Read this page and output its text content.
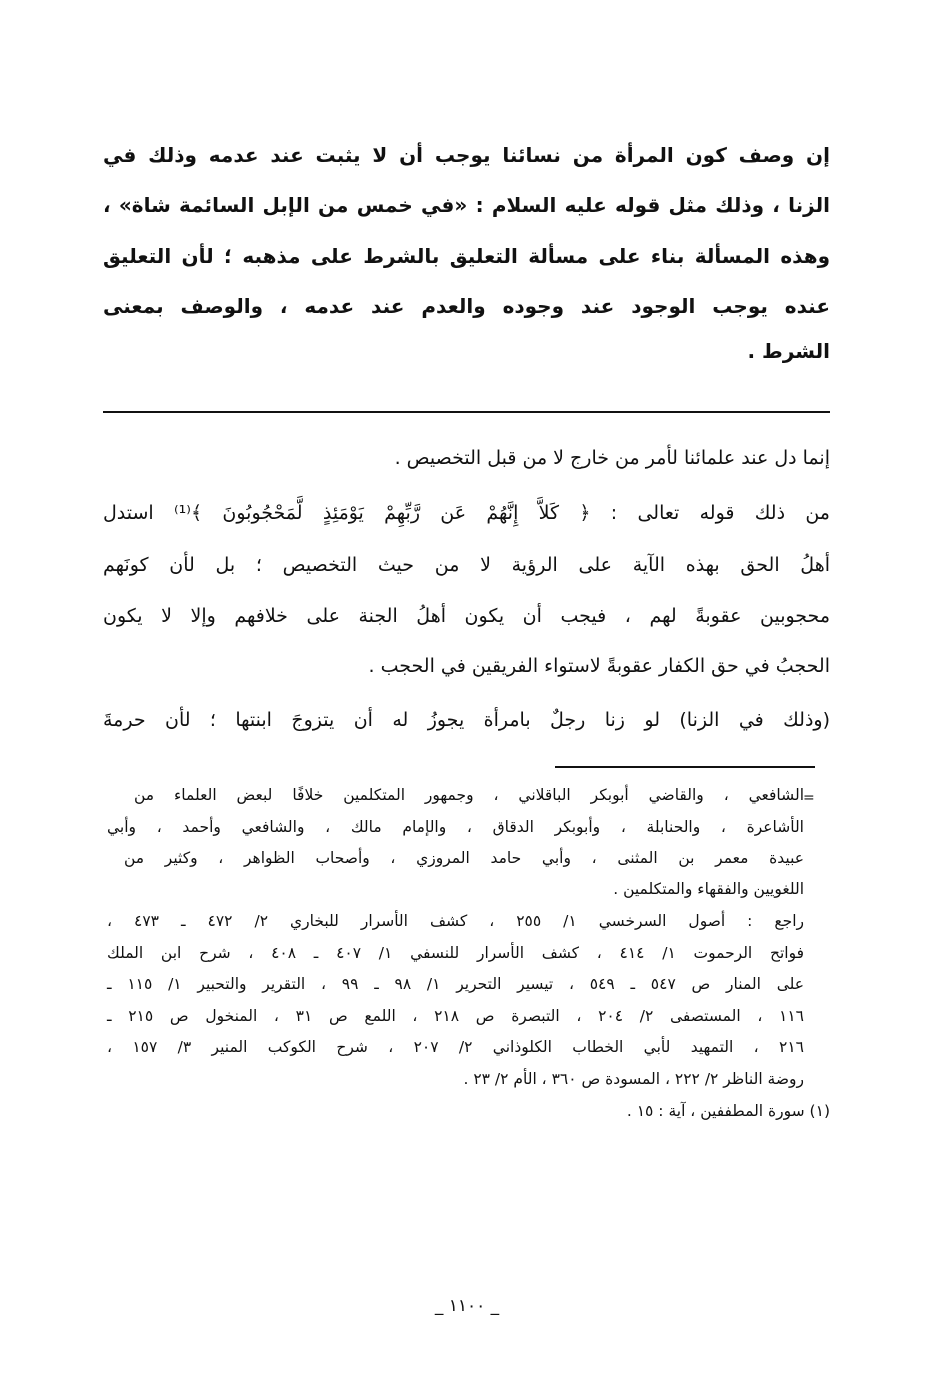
إن وصف كون المرأة من نسائنا يوجب أن لا يثبت عند عدمه وذلك في
الزنا ، وذلك مثل قوله عليه السلام : «في خمس من الإبل السائمة شاة» ،
وهذه المسألة بناء على مسألة التعليق بالشرط على مذهبه ؛ لأن التعليق
عنده يوجب الوجود عند وجوده والعدم عند عدمه ، والوصف بمعنى
الشرط .
إنما دل عند علمائنا لأمر من خارج لا من قبل التخصيص .
من ذلك قوله تعالى : ﴿ كَلاَّ إِنَّهُمْ عَن رَّبِّهِمْ يَوْمَئِذٍ لَّمَحْجُوبُونَ ﴾⁽¹⁾ استدل
أهلُ الحق بهذه الآية على الرؤية لا من حيث التخصيص ؛ بل لأن كونَهم
محجوبين عقوبةً لهم ، فيجب أن يكون أهلُ الجنة على خلافهم وإلا لا يكون
الحجبُ في حق الكفار عقوبةً لاستواء الفريقين في الحجب .
(وذلك في الزنا) لو زنا رجلٌ بامرأة يجوزُ له أن يتزوجَ ابنتها ؛ لأن حرمةَ
=
الشافعي ، والقاضي أبوبكر الباقلاني ، وجمهور المتكلمين خلافًا لبعض العلماء من
الأشاعرة ، والحنابلة ، وأبوبكر الدقاق ، والإمام مالك ، والشافعي وأحمد ، وأبي
عبيدة معمر بن المثنى ، وأبي حامد المروزي ، وأصحاب الظواهر ، وكثير من
اللغويين والفقهاء والمتكلمين .
راجع : أصول السرخسي ١/ ٢٥٥ ، كشف الأسرار للبخاري ٢/ ٤٧٢ ـ ٤٧٣ ،
فواتح الرحموت ١/ ٤١٤ ، كشف الأسرار للنسفي ١/ ٤٠٧ ـ ٤٠٨ ، شرح ابن الملك
على المنار ص ٥٤٧ ـ ٥٤٩ ، تيسير التحرير ١/ ٩٨ ـ ٩٩ ، التقرير والتحبير ١/ ١١٥ ـ
١١٦ ، المستصفى ٢/ ٢٠٤ ، التبصرة ص ٢١٨ ، اللمع ص ٣١ ، المنخول ص ٢١٥ ـ
٢١٦ ، التمهيد لأبي الخطاب الكلوذاني ٢/ ٢٠٧ ، شرح الكوكب المنير ٣/ ١٥٧ ،
روضة الناظر ٢/ ٢٢٢ ، المسودة ص ٣٦٠ ، الأم ٢/ ٢٣ .
(١) سورة المطففين ، آية : ١٥ .
_ ١١٠٠ _
